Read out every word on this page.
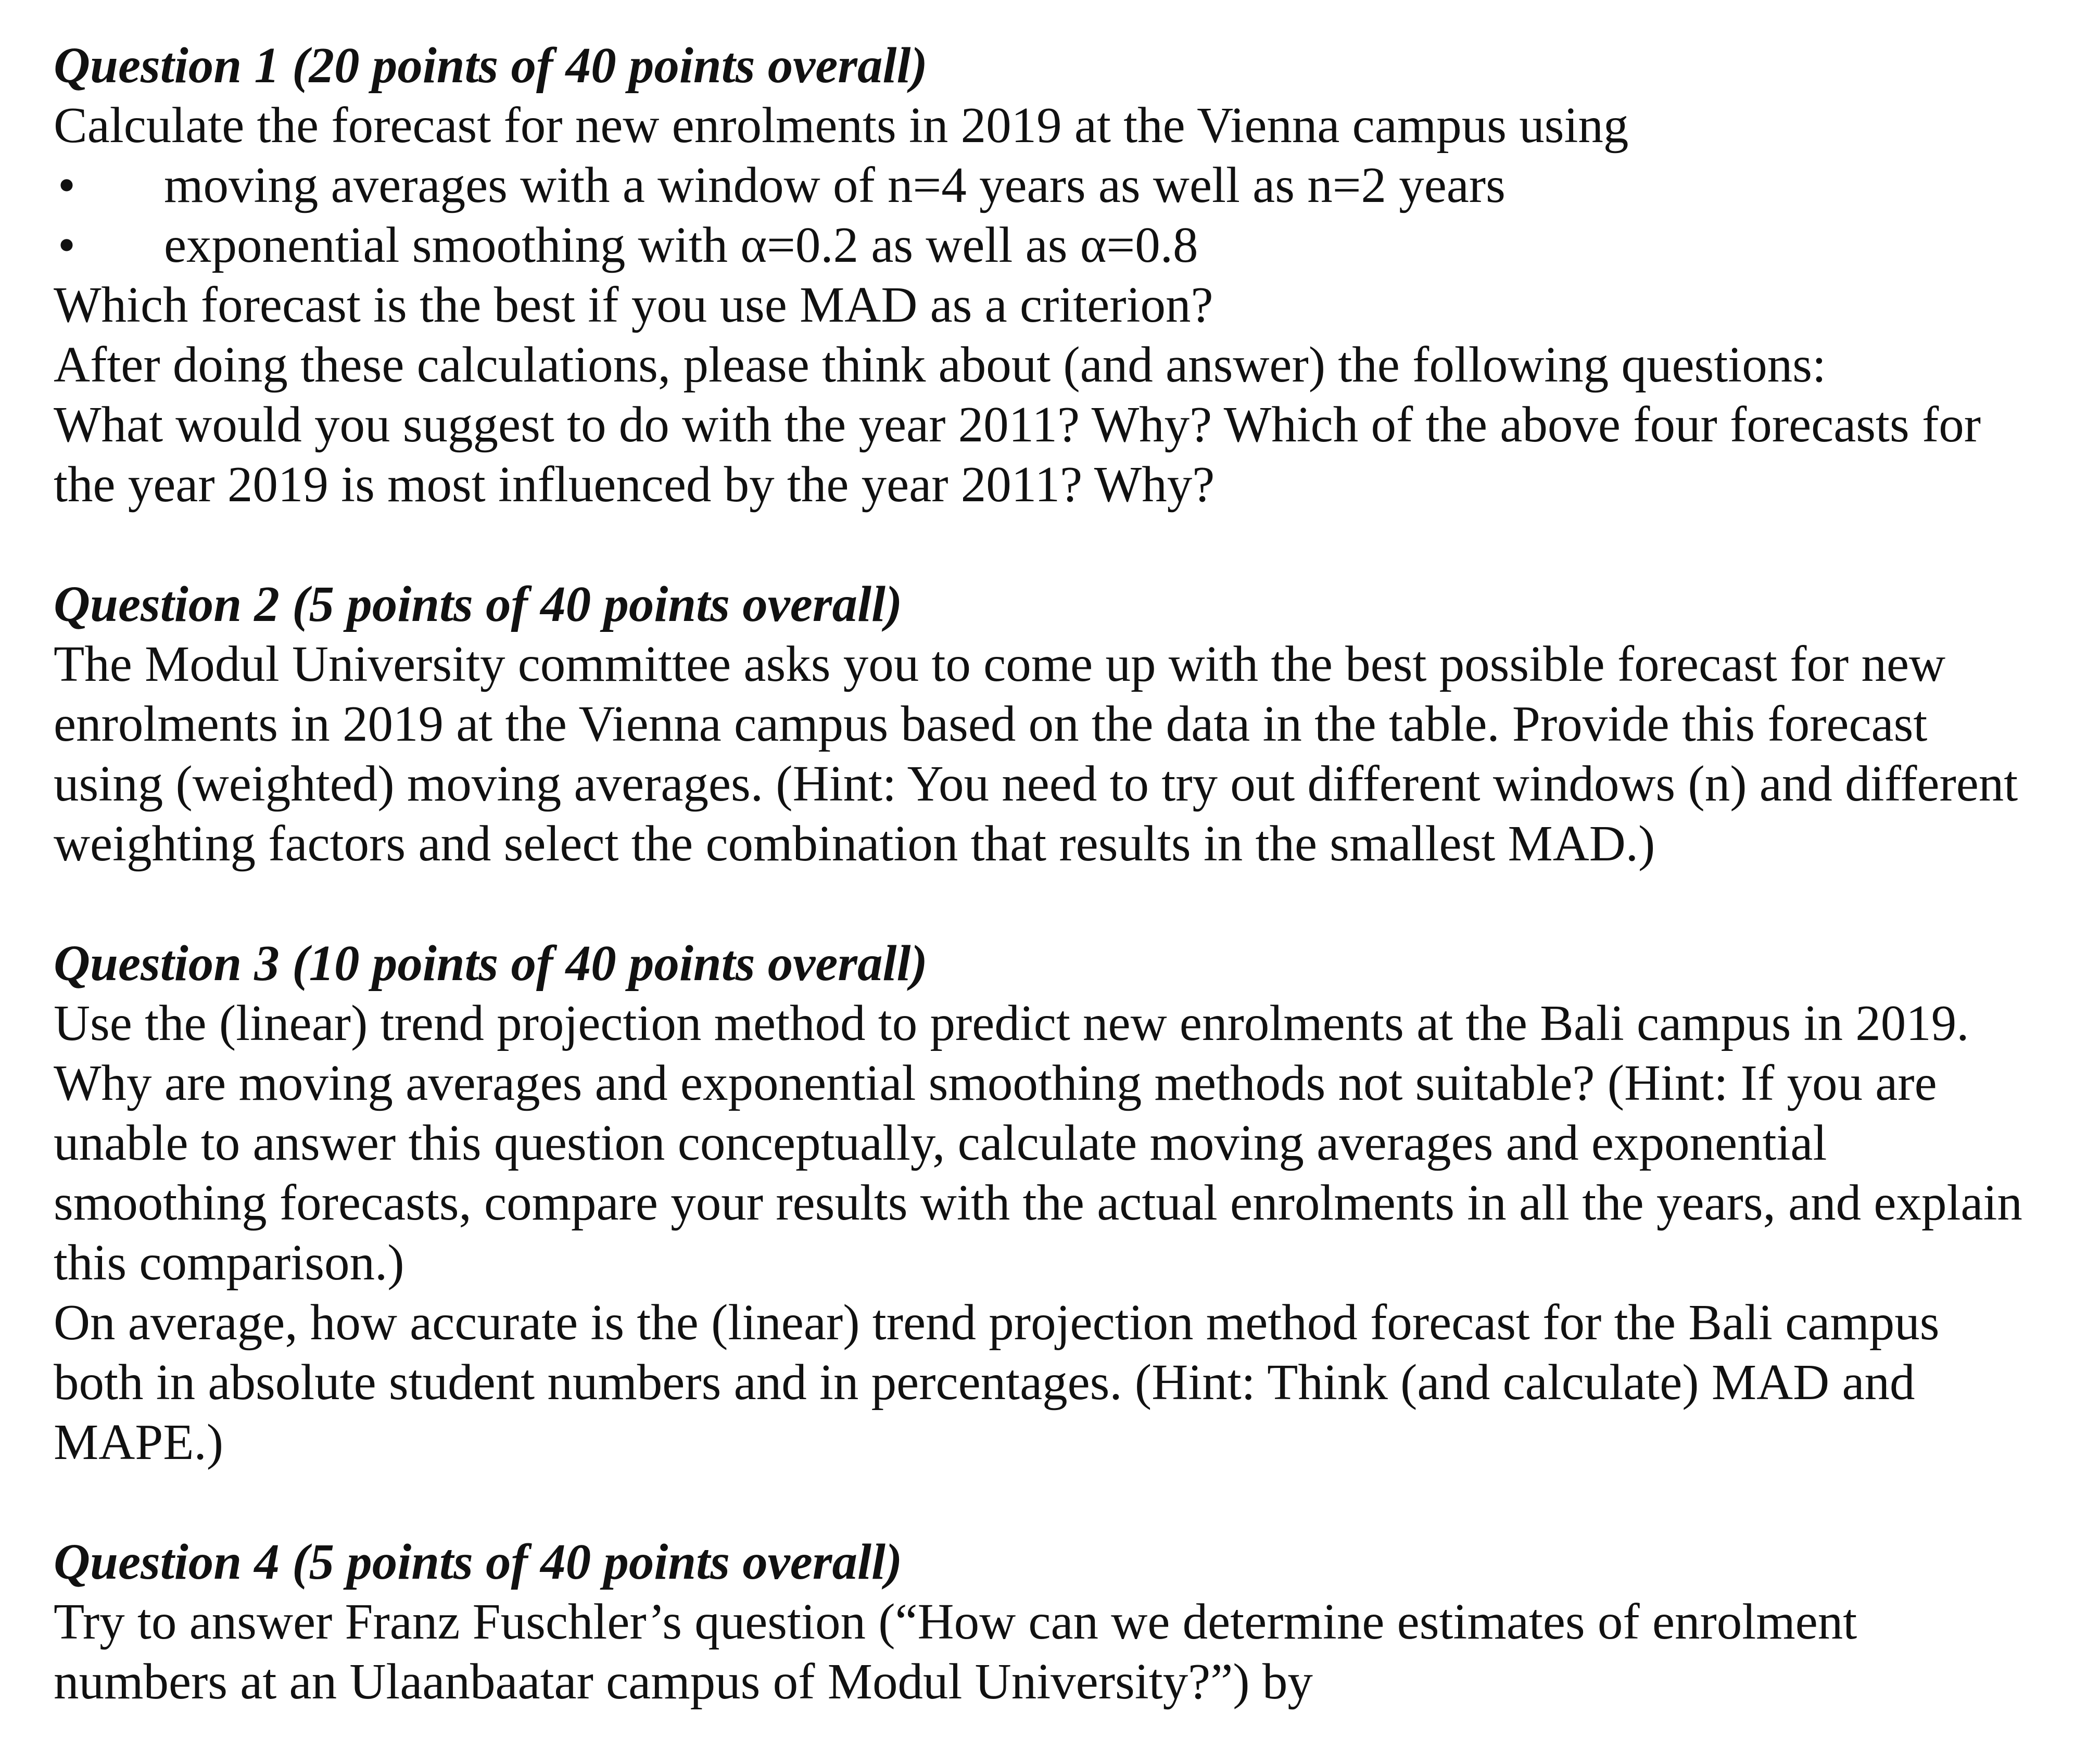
Question 1 (20 points of 40 points overall)

Calculate the forecast for new enrolments in 2019 at the Vienna campus using

•	moving averages with a window of n=4 years as well as n=2 years
•	exponential smoothing with α=0.2 as well as α=0.8

Which forecast is the best if you use MAD as a criterion?

After doing these calculations, please think about (and answer) the following questions:

What would you suggest to do with the year 2011? Why? Which of the above four forecasts for

the year 2019 is most influenced by the year 2011? Why?

Question 2 (5 points of 40 points overall)

The Modul University committee asks you to come up with the best possible forecast for new

enrolments in 2019 at the Vienna campus based on the data in the table. Provide this forecast

using (weighted) moving averages. (Hint: You need to try out different windows (n) and different

weighting factors and select the combination that results in the smallest MAD.)

Question 3 (10 points of 40 points overall)

Use the (linear) trend projection method to predict new enrolments at the Bali campus in 2019.

Why are moving averages and exponential smoothing methods not suitable? (Hint: If you are

unable to answer this question conceptually, calculate moving averages and exponential

smoothing forecasts, compare your results with the actual enrolments in all the years, and explain

this comparison.)

On average, how accurate is the (linear) trend projection method forecast for the Bali campus

both in absolute student numbers and in percentages. (Hint: Think (and calculate) MAD and

MAPE.)

Question 4 (5 points of 40 points overall)

Try to answer Franz Fuschler’s question (“How can we determine estimates of enrolment

numbers at an Ulaanbaatar campus of Modul University?”) by
